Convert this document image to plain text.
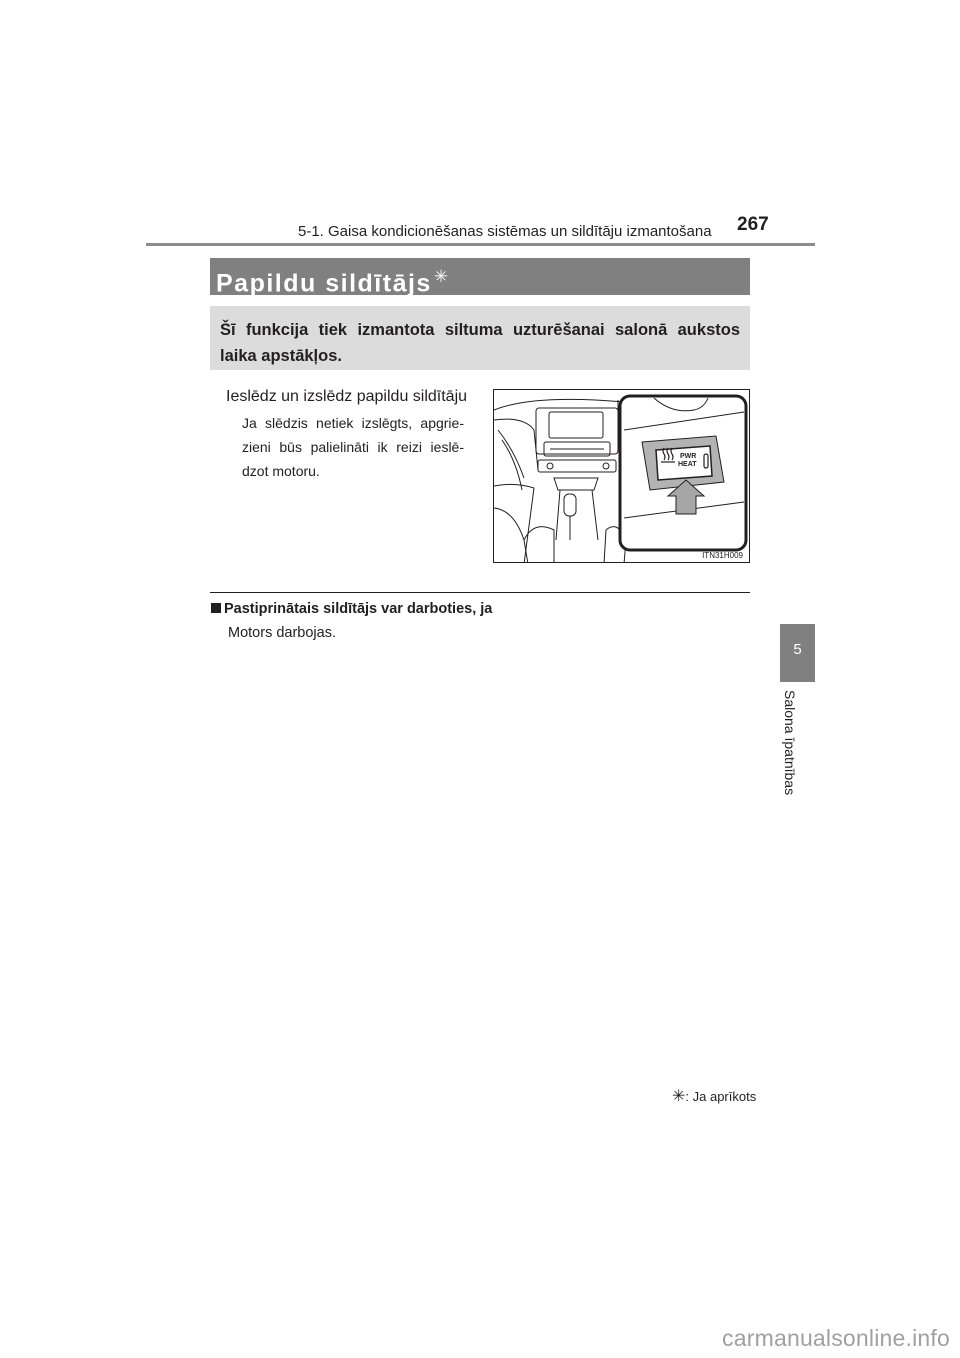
5-1. Gaisa kondicionēšanas sistēmas un sildītāju izmantošana 267
Papildu sildītājs ✳
Šī funkcija tiek izmantota siltuma uzturēšanai salonā aukstos laika apstākļos.
Ieslēdz un izslēdz papildu sildītāju
Ja slēdzis netiek izslēgts, apgrie-zieni būs palielināti ik reizi ieslē-dzot motoru.
PWR
HEAT
ITN31H009
Pastiprinātais sildītājs var darboties, ja
Motors darbojas.
5
Salona īpatnības
✳: Ja aprīkots
carmanualsonline.info
